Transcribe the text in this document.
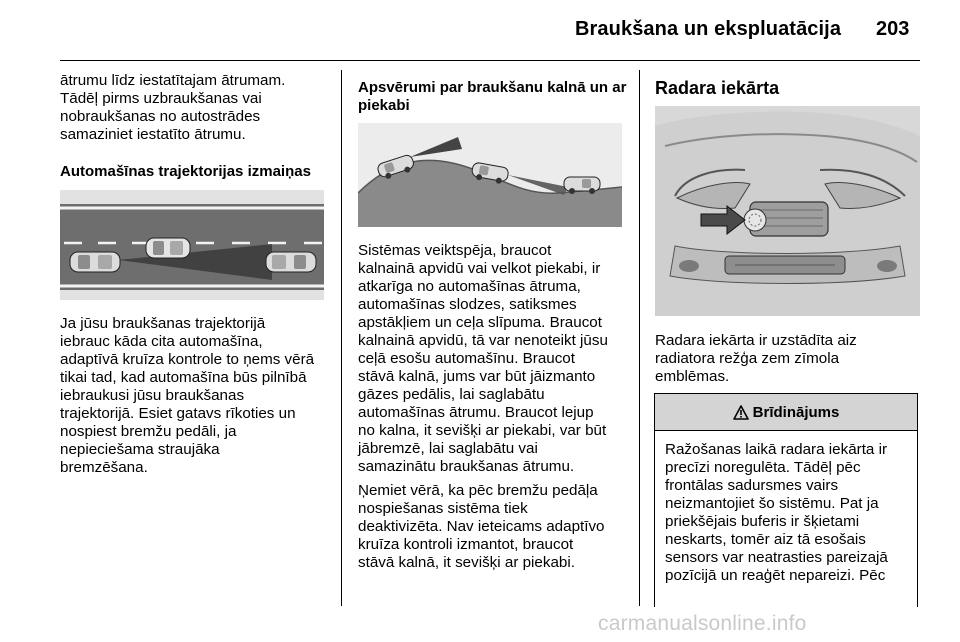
Braukšana un ekspluatācija 203
ātrumu līdz iestatītajam ātrumam.
Tādēļ pirms uzbraukšanas vai
nobraukšanas no autostrādes
samaziniet iestatīto ātrumu.
Automašīnas trajektorijas izmaiņas
Ja jūsu braukšanas trajektorijā
iebrauc kāda cita automašīna,
adaptīvā kruīza kontrole to ņems vērā
tikai tad, kad automašīna būs pilnībā
iebraukusi jūsu braukšanas
trajektorijā. Esiet gatavs rīkoties un
nospiest bremžu pedāli, ja
nepieciešama straujāka
bremzēšana.
Apsvērumi par braukšanu kalnā un ar
piekabi
Sistēmas veiktspēja, braucot
kalnainā apvidū vai velkot piekabi, ir
atkarīga no automašīnas ātruma,
automašīnas slodzes, satiksmes
apstākļiem un ceļa slīpuma. Braucot
kalnainā apvidū, tā var nenoteikt jūsu
ceļā esošu automašīnu. Braucot
stāvā kalnā, jums var būt jāizmanto
gāzes pedālis, lai saglabātu
automašīnas ātrumu. Braucot lejup
no kalna, it sevišķi ar piekabi, var būt
jābremzē, lai saglabātu vai
samazinātu braukšanas ātrumu.
Ņemiet vērā, ka pēc bremžu pedāļa
nospiešanas sistēma tiek
deaktivizēta. Nav ieteicams adaptīvo
kruīza kontroli izmantot, braucot
stāvā kalnā, it sevišķi ar piekabi.
Radara iekārta
Radara iekārta ir uzstādīta aiz
radiatora režģa zem zīmola
emblēmas.
Brīdinājums
Ražošanas laikā radara iekārta ir
precīzi noregulēta. Tādēļ pēc
frontālas sadursmes vairs
neizmantojiet šo sistēmu. Pat ja
priekšējais buferis ir šķietami
neskarts, tomēr aiz tā esošais
sensors var neatrasties pareizajā
pozīcijā un reaģēt nepareizi. Pēc
carmanualsonline.info
